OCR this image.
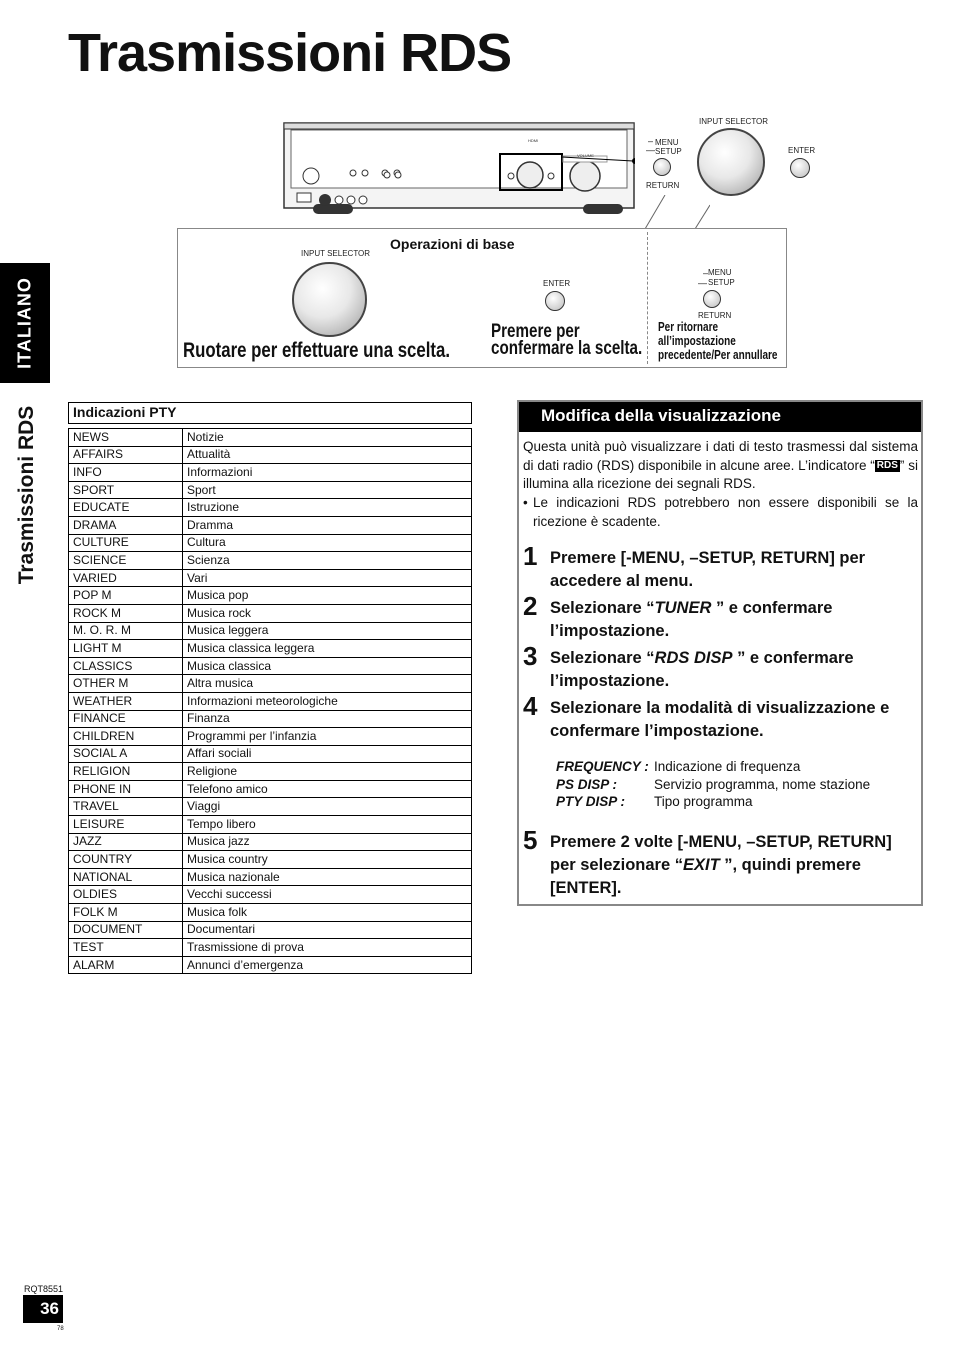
Trasmissioni RDS
ITALIANO
Trasmissioni RDS
HDMI
VOLUME
INPUT SELECTOR
MENU
SETUP
–
—
RETURN
ENTER
Operazioni di base
INPUT SELECTOR
ENTER
– MENU
— SETUP
RETURN
Ruotare per effettuare una scelta.
Premere per
confermare la scelta.
Per ritornare
all’impostazione
precedente/Per annullare
Indicazioni PTY
NEWS	Notizie
AFFAIRS	Attualità
INFO	Informazioni
SPORT	Sport
EDUCATE	Istruzione
DRAMA	Dramma
CULTURE	Cultura
SCIENCE	Scienza
VARIED	Vari
POP M	Musica pop
ROCK M	Musica rock
M. O. R. M	Musica leggera
LIGHT M	Musica classica leggera
CLASSICS	Musica classica
OTHER M	Altra musica
WEATHER	Informazioni meteorologiche
FINANCE	Finanza
CHILDREN	Programmi per l’infanzia
SOCIAL A	Affari sociali
RELIGION	Religione
PHONE IN	Telefono amico
TRAVEL	Viaggi
LEISURE	Tempo libero
JAZZ	Musica jazz
COUNTRY	Musica country
NATIONAL	Musica nazionale
OLDIES	Vecchi successi
FOLK M	Musica folk
DOCUMENT	Documentari
TEST	Trasmissione di prova
ALARM	Annunci d’emergenza
Modifica della visualizzazione
Questa unità può visualizzare i dati di testo trasmessi dal sistema di dati radio (RDS) disponibile in alcune aree. L’indicatore “ RDS ” si illumina alla ricezione dei segnali RDS.
• Le indicazioni RDS potrebbero non essere disponibili se la ricezione è scadente.
1 Premere [-MENU, –SETUP, RETURN] per accedere al menu.
2 Selezionare “TUNER ” e confermare l’impostazione.
3 Selezionare “RDS DISP ” e confermare l’impostazione.
4 Selezionare la modalità di visualizzazione e confermare l’impostazione.
FREQUENCY : Indicazione di frequenza
PS DISP :	Servizio programma, nome stazione
PTY DISP : Tipo programma
5 Premere 2 volte [-MENU, –SETUP, RETURN] per selezionare “EXIT ”, quindi premere [ENTER].
RQT8551
36
78
